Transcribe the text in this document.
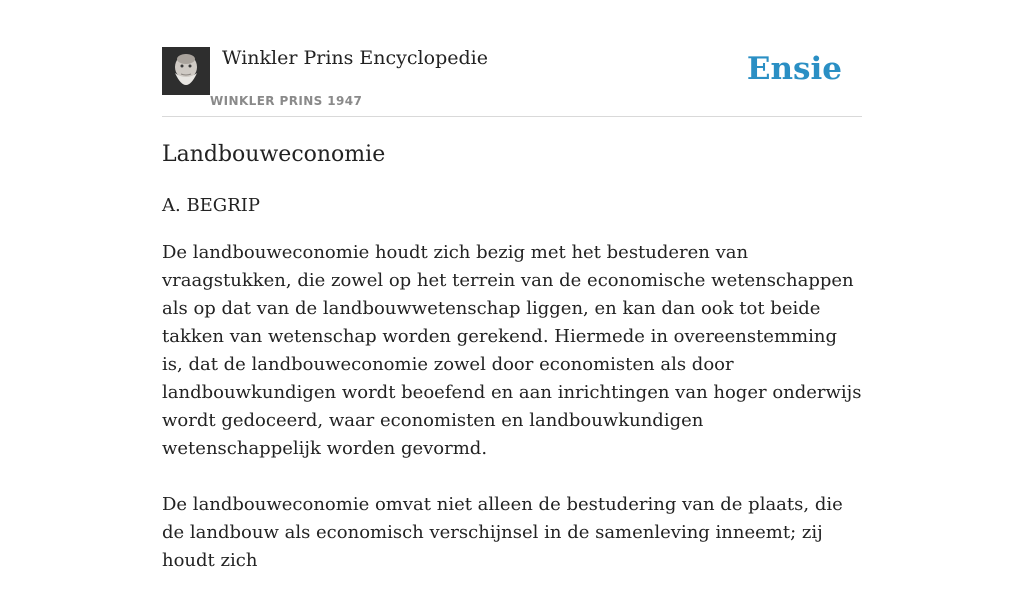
Winkler Prins Encyclopedie
WINKLER PRINS 1947
Ensie
Landbouweconomie
A. BEGRIP

De landbouweconomie houdt zich bezig met het bestuderen van vraagstukken, die zowel op het terrein van de economische wetenschappen als op dat van de landbouwwetenschap liggen, en kan dan ook tot beide takken van wetenschap worden gerekend. Hiermede in overeenstemming is, dat de landbouweconomie zowel door economisten als door landbouwkundigen wordt beoefend en aan inrichtingen van hoger onderwijs wordt gedoceerd, waar economisten en landbouwkundigen wetenschappelijk worden gevormd.

De landbouweconomie omvat niet alleen de bestudering van de plaats, die de landbouw als economisch verschijnsel in de samenleving inneemt; zij houdt zich
